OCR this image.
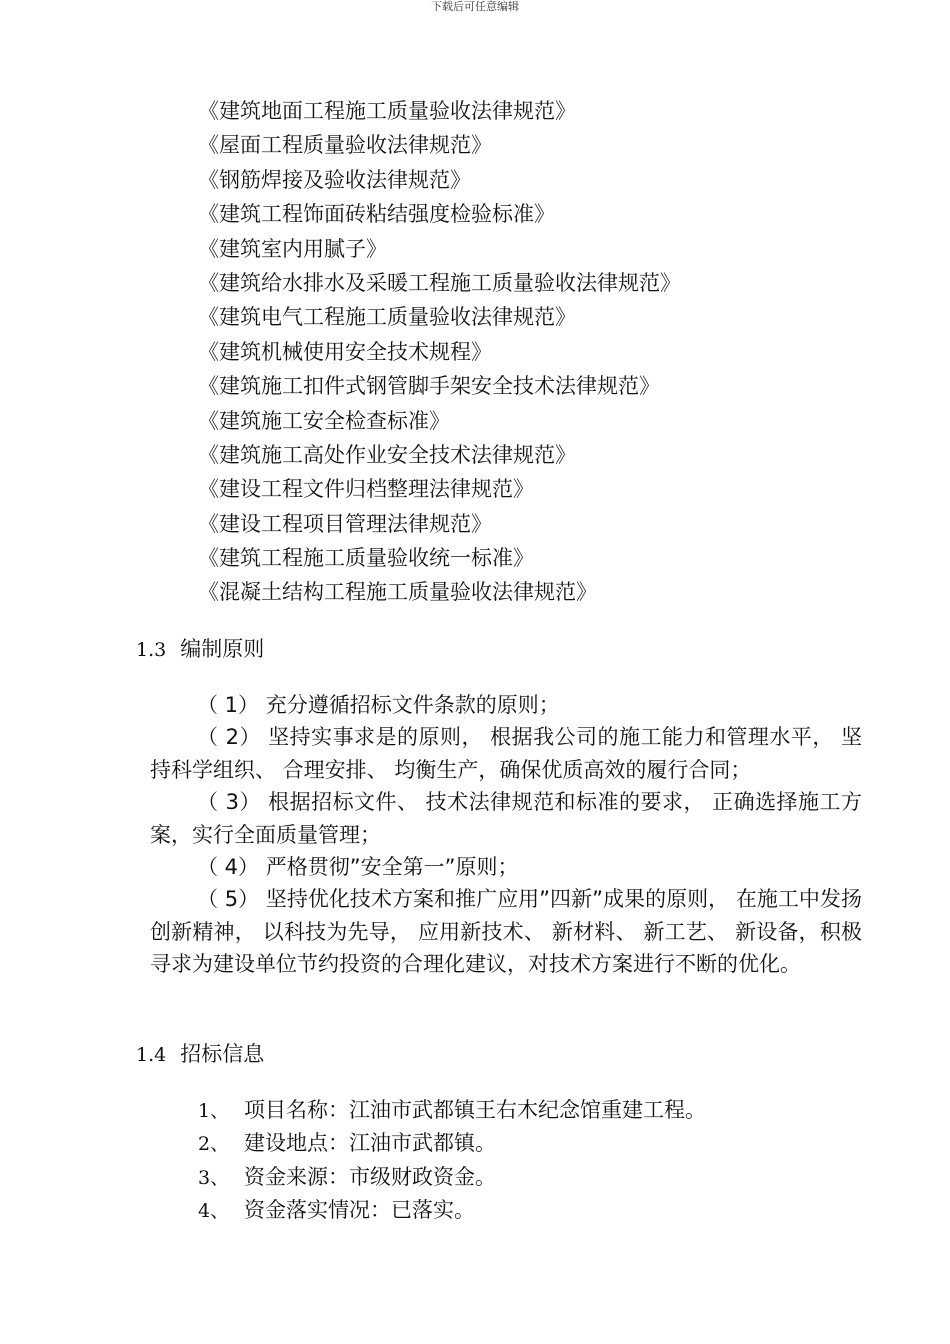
下载后可任意编辑
《建筑地面工程施工质量验收法律规范》
《屋面工程质量验收法律规范》
《钢筋焊接及验收法律规范》
《建筑工程饰面砖粘结强度检验标准》
《建筑室内用腻子》
《建筑给水排水及采暖工程施工质量验收法律规范》
《建筑电气工程施工质量验收法律规范》
《建筑机械使用安全技术规程》
《建筑施工扣件式钢管脚手架安全技术法律规范》
《建筑施工安全检查标准》
《建筑施工高处作业安全技术法律规范》
《建设工程文件归档整理法律规范》
《建设工程项目管理法律规范》
《建筑工程施工质量验收统一标准》
《混凝土结构工程施工质量验收法律规范》
1.3 编制原则

（ 1） 充分遵循招标文件条款的原则；

（ 2） 坚持实事求是的原则， 根据我公司的施工能力和管理水平， 坚持科学组织、 合理安排、 均衡生产，确保优质高效的履行合同；

（ 3） 根据招标文件、 技术法律规范和标准的要求， 正确选择施工方案，实行全面质量管理；

（ 4） 严格贯彻”安全第一”原则；

（ 5） 坚持优化技术方案和推广应用”四新”成果的原则， 在施工中发扬创新精神， 以科技为先导， 应用新技术、 新材料、 新工艺、 新设备，积极寻求为建设单位节约投资的合理化建议，对技术方案进行不断的优化。

1.4 招标信息
1、 项目名称：江油市武都镇王右木纪念馆重建工程。
2、 建设地点：江油市武都镇。
3、 资金来源：市级财政资金。
4、 资金落实情况：已落实。
